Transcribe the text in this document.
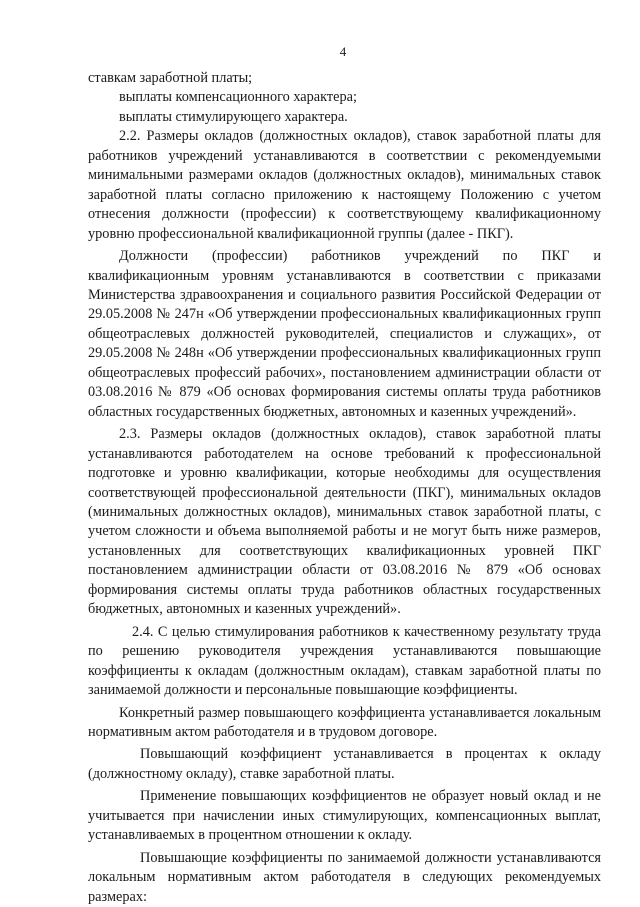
4

ставкам заработной платы;

выплаты компенсационного характера;

выплаты стимулирующего характера.

2.2. Размеры окладов (должностных окладов), ставок заработной платы для работников учреждений устанавливаются в соответствии с рекомендуемыми минимальными размерами окладов (должностных окладов), минимальных ставок заработной платы согласно приложению к настоящему Положению с учетом отнесения должности (профессии) к соответствующему квалификационному уровню профессиональной квалификационной группы (далее - ПКГ).

Должности (профессии) работников учреждений по ПКГ и квалификационным уровням устанавливаются в соответствии с приказами Министерства здравоохранения и социального развития Российской Федерации от 29.05.2008 № 247н «Об утверждении профессиональных квалификационных групп общеотраслевых должностей руководителей, специалистов и служащих», от 29.05.2008 № 248н «Об утверждении профессиональных квалификационных групп общеотраслевых профессий рабочих», постановлением администрации области от 03.08.2016 № 879 «Об основах формирования системы оплаты труда работников областных государственных бюджетных, автономных и казенных учреждений».

2.3. Размеры окладов (должностных окладов), ставок заработной платы устанавливаются работодателем на основе требований к профессиональной подготовке и уровню квалификации, которые необходимы для осуществления соответствующей профессиональной деятельности (ПКГ), минимальных окладов (минимальных должностных окладов), минимальных ставок заработной платы, с учетом сложности и объема выполняемой работы и не могут быть ниже размеров, установленных для соответствующих квалификационных уровней ПКГ постановлением администрации области от 03.08.2016 № 879 «Об основах формирования системы оплаты труда работников областных государственных бюджетных, автономных и казенных учреждений».

2.4. С целью стимулирования работников к качественному результату труда по решению руководителя учреждения устанавливаются повышающие коэффициенты к окладам (должностным окладам), ставкам заработной платы по занимаемой должности и персональные повышающие коэффициенты.

Конкретный размер повышающего коэффициента устанавливается локальным нормативным актом работодателя и в трудовом договоре.

Повышающий коэффициент устанавливается в процентах к окладу (должностному окладу), ставке заработной платы.

Применение повышающих коэффициентов не образует новый оклад и не учитывается при начислении иных стимулирующих, компенсационных выплат, устанавливаемых в процентном отношении к окладу.

Повышающие коэффициенты по занимаемой должности устанавливаются локальным нормативным актом работодателя в следующих рекомендуемых размерах:
